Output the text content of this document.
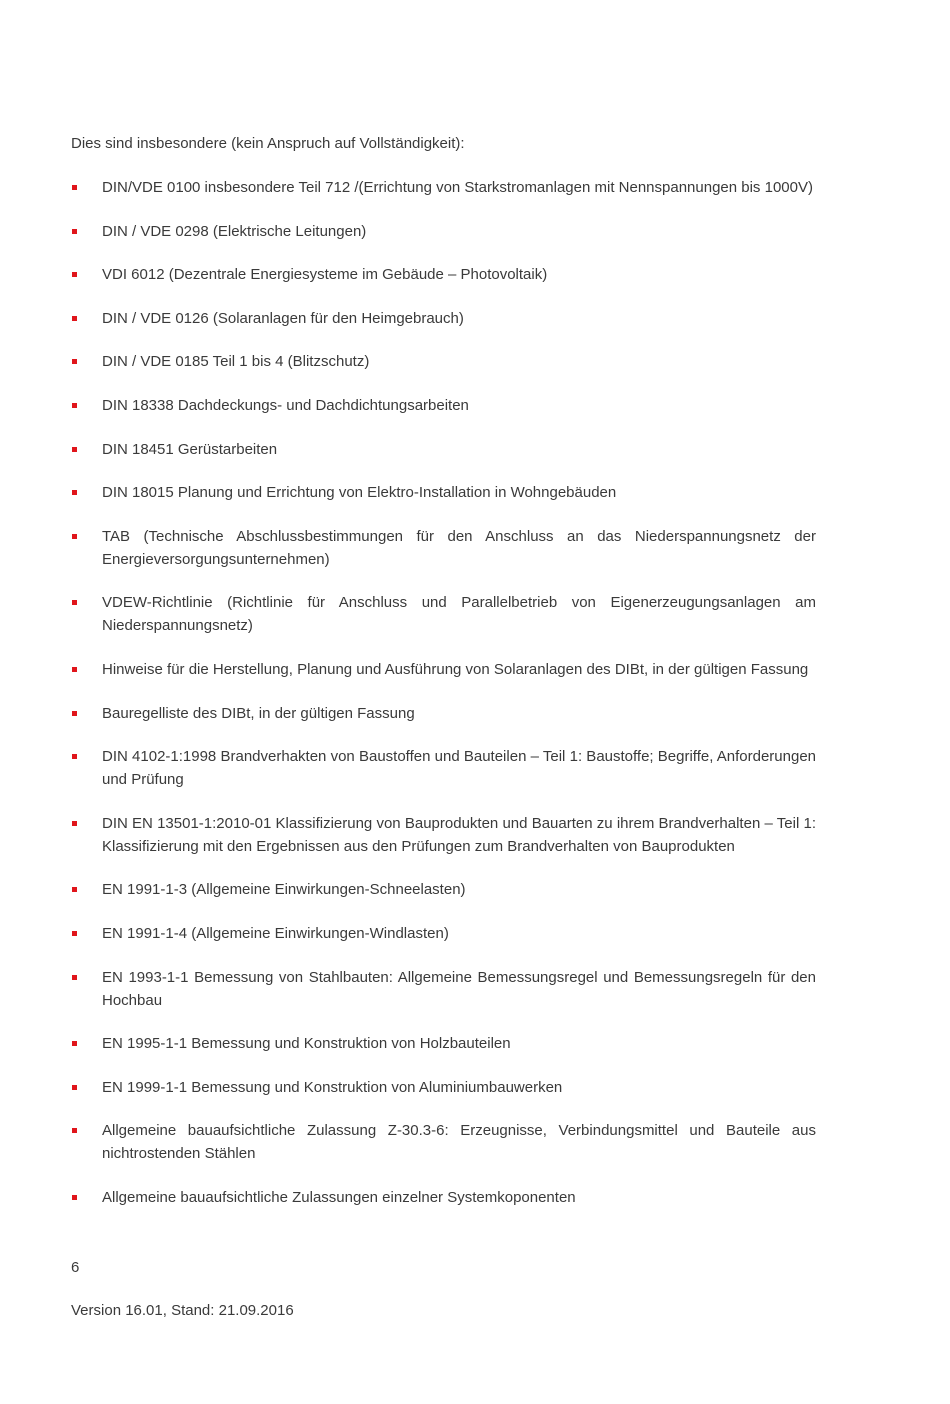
Dies sind insbesondere (kein Anspruch auf Vollständigkeit):

DIN/VDE 0100 insbesondere Teil 712 /(Errichtung von Starkstromanlagen mit Nennspannungen bis 1000V)
DIN / VDE 0298 (Elektrische Leitungen)
VDI 6012 (Dezentrale Energiesysteme im Gebäude – Photovoltaik)
DIN / VDE 0126 (Solaranlagen für den Heimgebrauch)
DIN / VDE 0185 Teil 1 bis 4 (Blitzschutz)
DIN 18338 Dachdeckungs- und Dachdichtungsarbeiten
DIN 18451 Gerüstarbeiten
DIN 18015 Planung und Errichtung von Elektro-Installation in Wohngebäuden
TAB (Technische Abschlussbestimmungen für den Anschluss an das Niederspannungsnetz der Energieversorgungsunternehmen)
VDEW-Richtlinie (Richtlinie für Anschluss und Parallelbetrieb von Eigenerzeugungsanlagen am Niederspannungsnetz)
Hinweise für die Herstellung, Planung und Ausführung von Solaranlagen des DIBt, in der gültigen Fassung
Bauregelliste des DIBt, in der gültigen Fassung
DIN 4102-1:1998 Brandverhakten von Baustoffen und Bauteilen – Teil 1: Baustoffe; Begriffe, Anforderungen und Prüfung
DIN EN 13501-1:2010-01 Klassifizierung von Bauprodukten und Bauarten zu ihrem Brandverhalten – Teil 1: Klassifizierung mit den Ergebnissen aus den Prüfungen zum Brandverhalten von Bauprodukten
EN 1991-1-3 (Allgemeine Einwirkungen-Schneelasten)
EN 1991-1-4 (Allgemeine Einwirkungen-Windlasten)
EN 1993-1-1 Bemessung von Stahlbauten: Allgemeine Bemessungsregel und Bemessungsregeln für den Hochbau
EN 1995-1-1 Bemessung und Konstruktion von Holzbauteilen
EN 1999-1-1 Bemessung und Konstruktion von Aluminiumbauwerken
Allgemeine bauaufsichtliche Zulassung Z-30.3-6: Erzeugnisse, Verbindungsmittel und Bauteile aus nichtrostenden Stählen
Allgemeine bauaufsichtliche Zulassungen einzelner Systemkoponenten
6
Version 16.01, Stand: 21.09.2016
